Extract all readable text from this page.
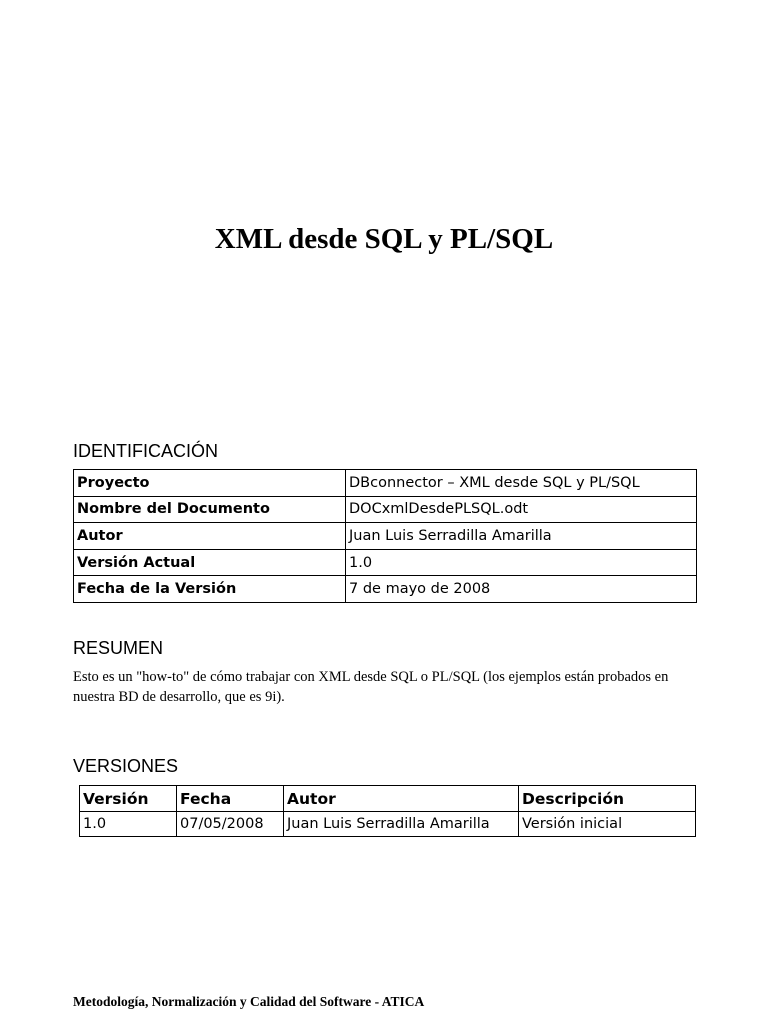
XML desde SQL y PL/SQL
IDENTIFICACIÓN
Proyecto	DBconnector – XML desde SQL y PL/SQL
Nombre del Documento	DOCxmlDesdePLSQL.odt
Autor	Juan Luis Serradilla Amarilla
Versión Actual	1.0
Fecha de la Versión	7 de mayo de 2008
RESUMEN

Esto es un "how-to" de cómo trabajar con XML desde SQL o PL/SQL (los ejemplos están probados en nuestra BD de desarrollo, que es 9i).

VERSIONES
Versión	Fecha	Autor	Descripción
1.0	07/05/2008	Juan Luis Serradilla Amarilla	Versión inicial

Metodología, Normalización y Calidad del Software - ATICA
